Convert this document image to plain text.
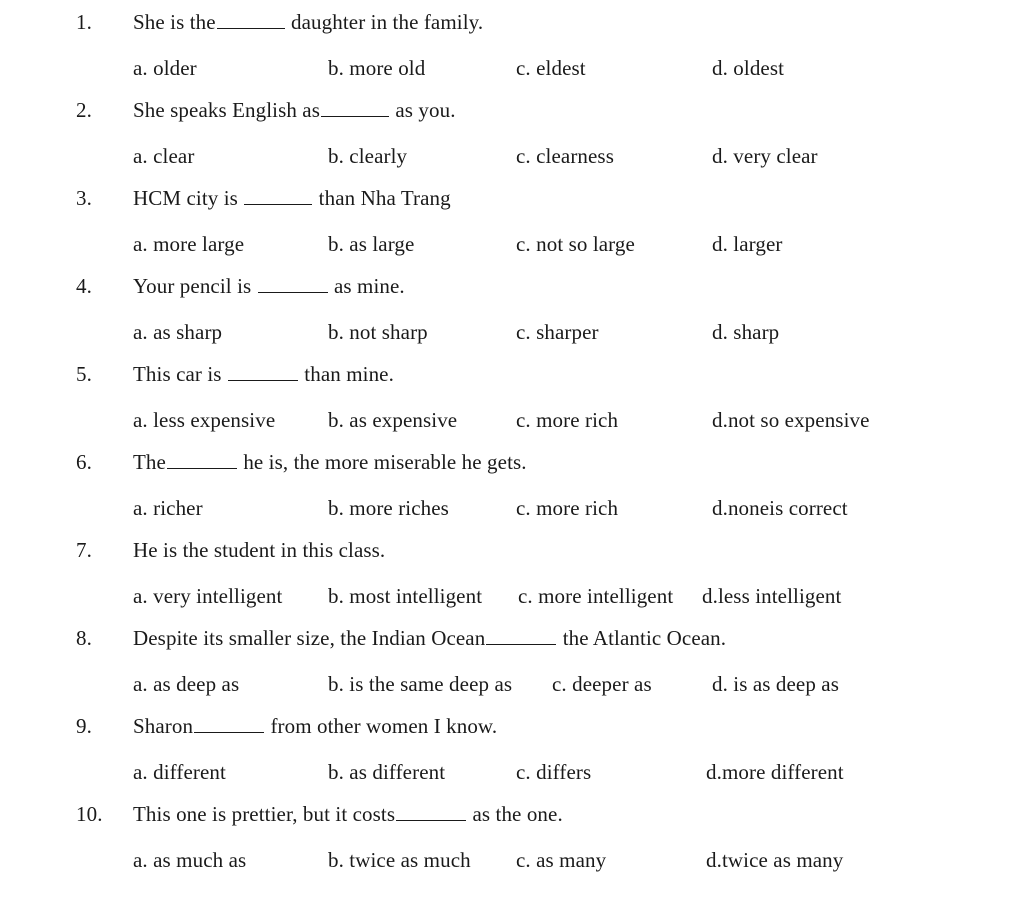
1.	She is the	daughter in the family.
a. older	b. more old	c. eldest	d. oldest
2.	She speaks English as	as you.
a. clear	b. clearly	c. clearness	d. very clear
3.	HCM city is	than Nha Trang
a. more large	b. as large	c. not so large	d. larger
4.	Your pencil is	as mine.
a. as sharp	b. not sharp	c. sharper	d. sharp
5.	This car is	than mine.
a. less expensive	b. as expensive	c. more rich	d.not so expensive
6.	The	he is, the more miserable he gets.
a. richer	b. more riches	c. more rich	d.noneis correct
7.	He is the student in this class.
a. very intelligent b. most intelligent c. more intelligent d.less intelligent
8.	Despite its smaller size, the Indian Ocean	the Atlantic Ocean.
a. as deep as	b. is the same deep as c. deeper as	d. is as deep as
9.	Sharon	from other women I know.
a. different	b. as different	c. differs	d.more different
10.	This one is prettier, but it costs	as the one.
a. as much as	b. twice as much c. as many	d.twice as many
